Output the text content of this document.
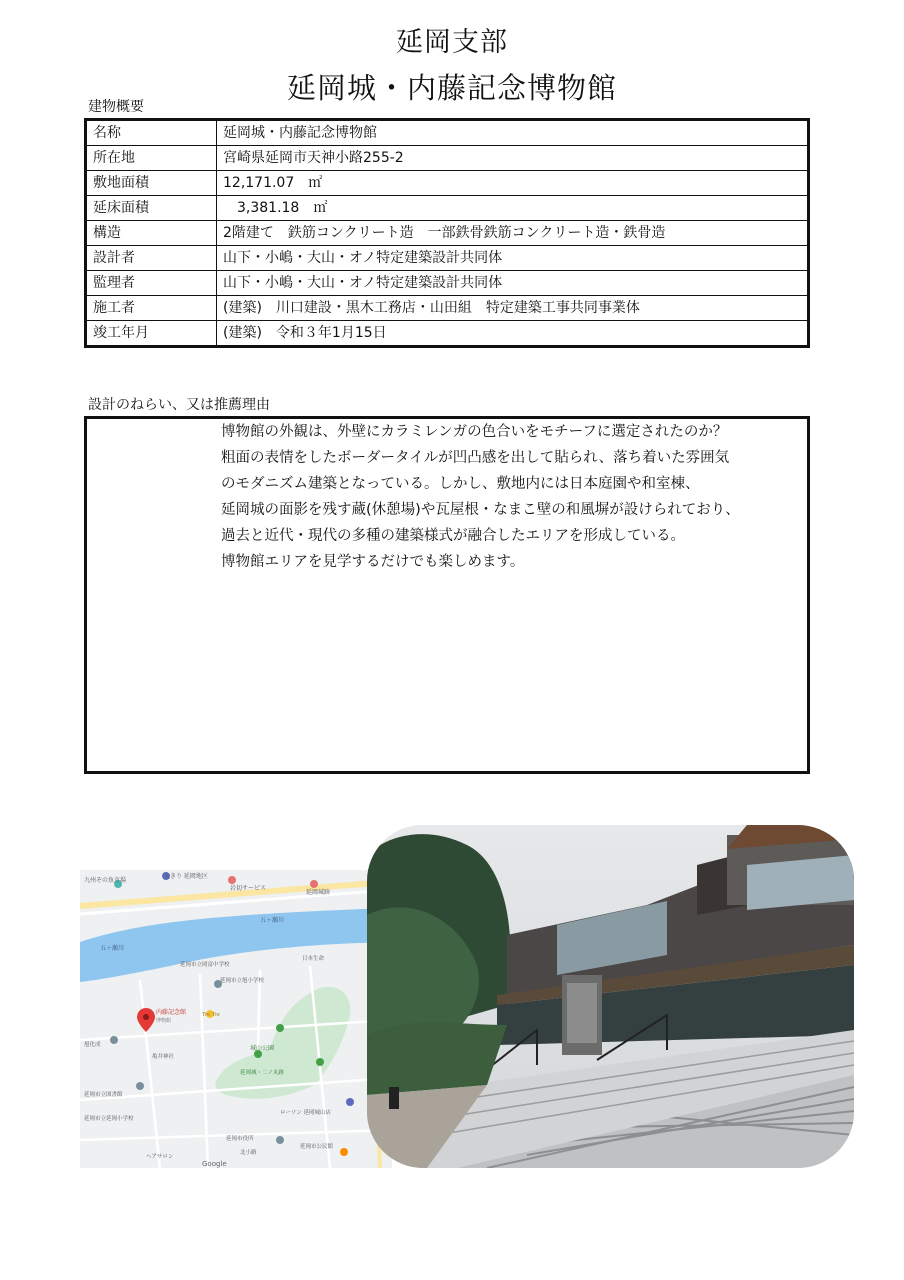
延岡支部
延岡城・内藤記念博物館
建物概要
名称	延岡城・内藤記念博物館
所在地	宮崎県延岡市天神小路255-2
敷地面積	12,171.07　㎡
延床面積	　3,381.18　㎡
構造	2階建て　鉄筋コンクリート造　一部鉄骨鉄筋コンクリート造・鉄骨造
設計者	山下・小嶋・大山・オノ特定建築設計共同体
監理者	山下・小嶋・大山・オノ特定建築設計共同体
施工者	(建築)　川口建設・黒木工務店・山田組　特定建築工事共同事業体
竣工年月	(建築)　令和３年1月15日
設計のねらい、又は推薦理由
博物館の外観は、外壁にカラミレンガの色合いをモチーフに選定されたのか？
粗面の表情をしたボーダータイルが凹凸感を出して貼られ、落ち着いた雰囲気
のモダニズム建築となっている。しかし、敷地内には日本庭園や和室棟、
延岡城の面影を残す蔵(休憩場)や瓦屋根・なまこ壁の和風塀が設けられており、
過去と近代・現代の多種の建築様式が融合したエリアを形成している。
博物館エリアを見学するだけでも楽しめます。
九州ぞの魚市場
大きり 延岡地区
岩切サービス
延岡城跡
五ヶ瀬川
五ヶ瀬川
延岡市立岡富中学校
延岡市立旭小学校
日本生命
内藤記念館
博物館
Tre Tre
城山公園
延岡城・二ノ丸跡
亀井神社
旭化成
延岡市立図書館
延岡市立延岡小学校
ローソン 延岡城山店
延岡市役所
ヘアサロン
延岡市公民館
北小路
Google
